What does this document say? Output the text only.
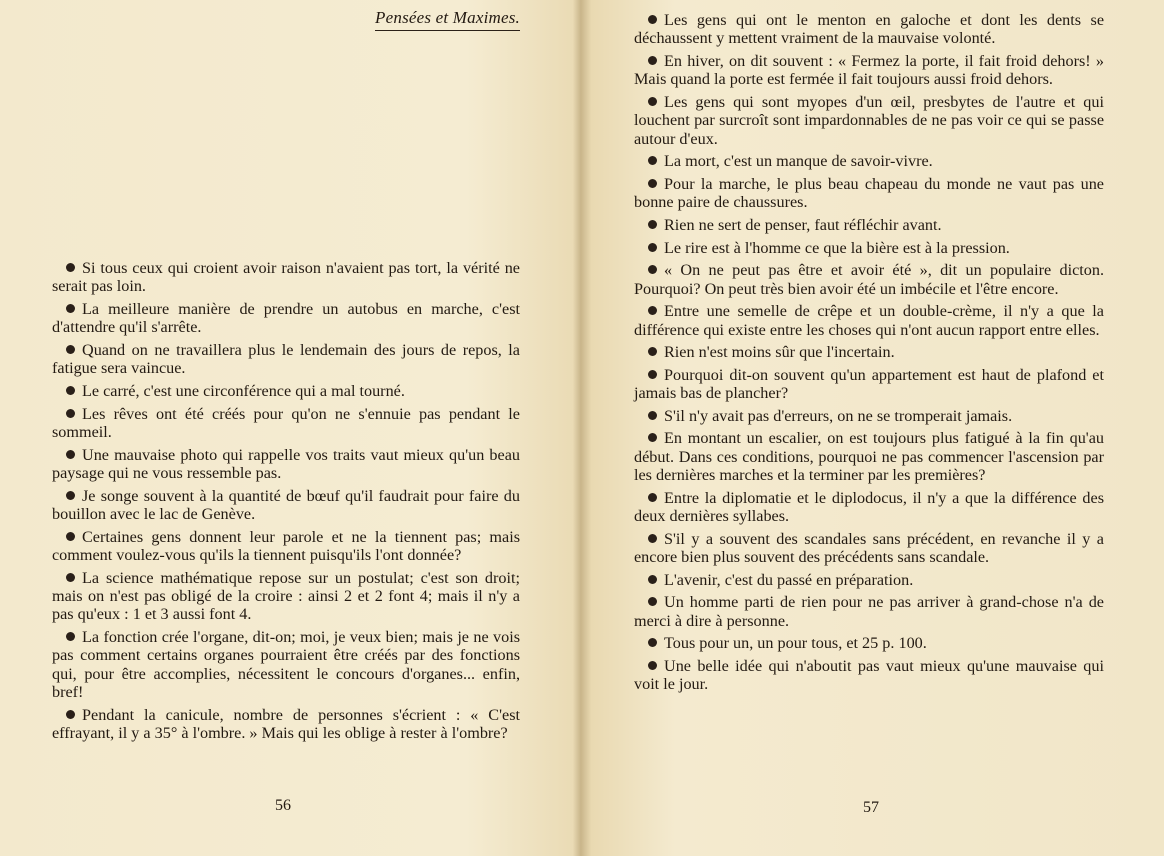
Pensées et Maximes.

Si tous ceux qui croient avoir raison n'avaient pas tort, la vérité ne serait pas loin.

La meilleure manière de prendre un autobus en marche, c'est d'attendre qu'il s'arrête.

Quand on ne travaillera plus le lendemain des jours de repos, la fatigue sera vaincue.

Le carré, c'est une circonférence qui a mal tourné.

Les rêves ont été créés pour qu'on ne s'ennuie pas pendant le sommeil.

Une mauvaise photo qui rappelle vos traits vaut mieux qu'un beau paysage qui ne vous ressemble pas.

Je songe souvent à la quantité de bœuf qu'il faudrait pour faire du bouillon avec le lac de Genève.

Certaines gens donnent leur parole et ne la tiennent pas; mais comment voulez-vous qu'ils la tiennent puisqu'ils l'ont donnée?

La science mathématique repose sur un postulat; c'est son droit; mais on n'est pas obligé de la croire : ainsi 2 et 2 font 4; mais il n'y a pas qu'eux : 1 et 3 aussi font 4.

La fonction crée l'organe, dit-on; moi, je veux bien; mais je ne vois pas comment certains organes pourraient être créés par des fonctions qui, pour être accomplies, nécessitent le concours d'organes... enfin, bref!

Pendant la canicule, nombre de personnes s'écrient : « C'est effrayant, il y a 35° à l'ombre. » Mais qui les oblige à rester à l'ombre?

56

Les gens qui ont le menton en galoche et dont les dents se déchaussent y mettent vraiment de la mauvaise volonté.

En hiver, on dit souvent : « Fermez la porte, il fait froid dehors! » Mais quand la porte est fermée il fait toujours aussi froid dehors.

Les gens qui sont myopes d'un œil, presbytes de l'autre et qui louchent par surcroît sont impardonnables de ne pas voir ce qui se passe autour d'eux.

La mort, c'est un manque de savoir-vivre.

Pour la marche, le plus beau chapeau du monde ne vaut pas une bonne paire de chaussures.

Rien ne sert de penser, faut réfléchir avant.

Le rire est à l'homme ce que la bière est à la pression.

« On ne peut pas être et avoir été », dit un populaire dicton. Pourquoi? On peut très bien avoir été un imbécile et l'être encore.

Entre une semelle de crêpe et un double-crème, il n'y a que la différence qui existe entre les choses qui n'ont aucun rapport entre elles.

Rien n'est moins sûr que l'incertain.

Pourquoi dit-on souvent qu'un appartement est haut de plafond et jamais bas de plancher?

S'il n'y avait pas d'erreurs, on ne se tromperait jamais.

En montant un escalier, on est toujours plus fatigué à la fin qu'au début. Dans ces conditions, pourquoi ne pas commencer l'ascension par les dernières marches et la terminer par les premières?

Entre la diplomatie et le diplodocus, il n'y a que la différence des deux dernières syllabes.

S'il y a souvent des scandales sans précédent, en revanche il y a encore bien plus souvent des précédents sans scandale.

L'avenir, c'est du passé en préparation.

Un homme parti de rien pour ne pas arriver à grand-chose n'a de merci à dire à personne.

Tous pour un, un pour tous, et 25 p. 100.

Une belle idée qui n'aboutit pas vaut mieux qu'une mauvaise qui voit le jour.

57
